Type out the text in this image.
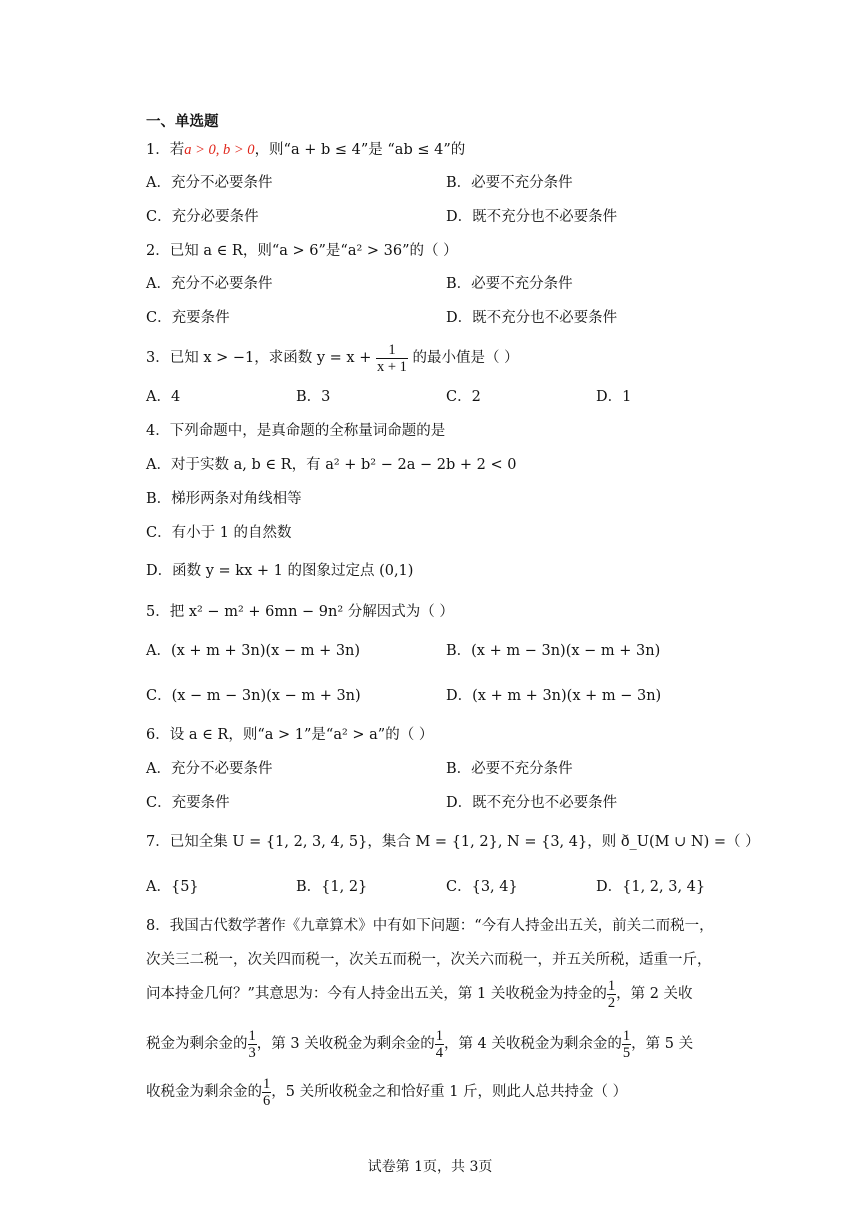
一、单选题
1．若a > 0, b > 0，则“a + b ≤ 4”是 “ab ≤ 4”的
A．充分不必要条件	B．必要不充分条件
C．充分必要条件	D．既不充分也不必要条件
2．已知 a ∈ R，则“a > 6”是“a² > 36”的（ ）
A．充分不必要条件	B．必要不充分条件
C．充要条件	D．既不充分也不必要条件
3．已知 x > −1，求函数 $y = x + \frac{1}{x + 1}$ 的最小值是（ ）
A．4	B．3	C．2	D．1
4．下列命题中，是真命题的全称量词命题的是
A．对于实数 a, b ∈ R，有 a² + b² − 2a − 2b + 2 < 0
B．梯形两条对角线相等
C．有小于 1 的自然数
D．函数 y = kx + 1 的图象过定点 (0,1)
5．把 x² − m² + 6mn − 9n² 分解因式为（ ）
A．(x + m + 3n)(x − m + 3n)	B．(x + m − 3n)(x − m + 3n)
C．(x − m − 3n)(x − m + 3n)	D．(x + m + 3n)(x + m − 3n)
6．设 a ∈ R，则“a > 1”是“a² > a”的（ ）
A．充分不必要条件	B．必要不充分条件
C．充要条件	D．既不充分也不必要条件
7．已知全集 U = {1, 2, 3, 4, 5}，集合 M = {1, 2}, N = {3, 4}，则 ð_U(M ∪ N) =（ ）
A．{5}	B．{1, 2}	C．{3, 4}	D．{1, 2, 3, 4}
8．我国古代数学著作《九章算术》中有如下问题：“今有人持金出五关，前关二而税一，
次关三二税一，次关四而税一，次关五而税一，次关六而税一，并五关所税，适重一斤，
问本持金几何？”其意思为：今有人持金出五关，第 1 关收税金为持金的 $\frac{1}{2}$ ，第 2 关收
税金为剩余金的 $\frac{1}{3}$ ，第 3 关收税金为剩余金的 $\frac{1}{4}$ ，第 4 关收税金为剩余金的 $\frac{1}{5}$ ，第 5 关
收税金为剩余金的 $\frac{1}{6}$ ，5 关所收税金之和恰好重 1 斤，则此人总共持金（ ）
试卷第 1页，共 3页
